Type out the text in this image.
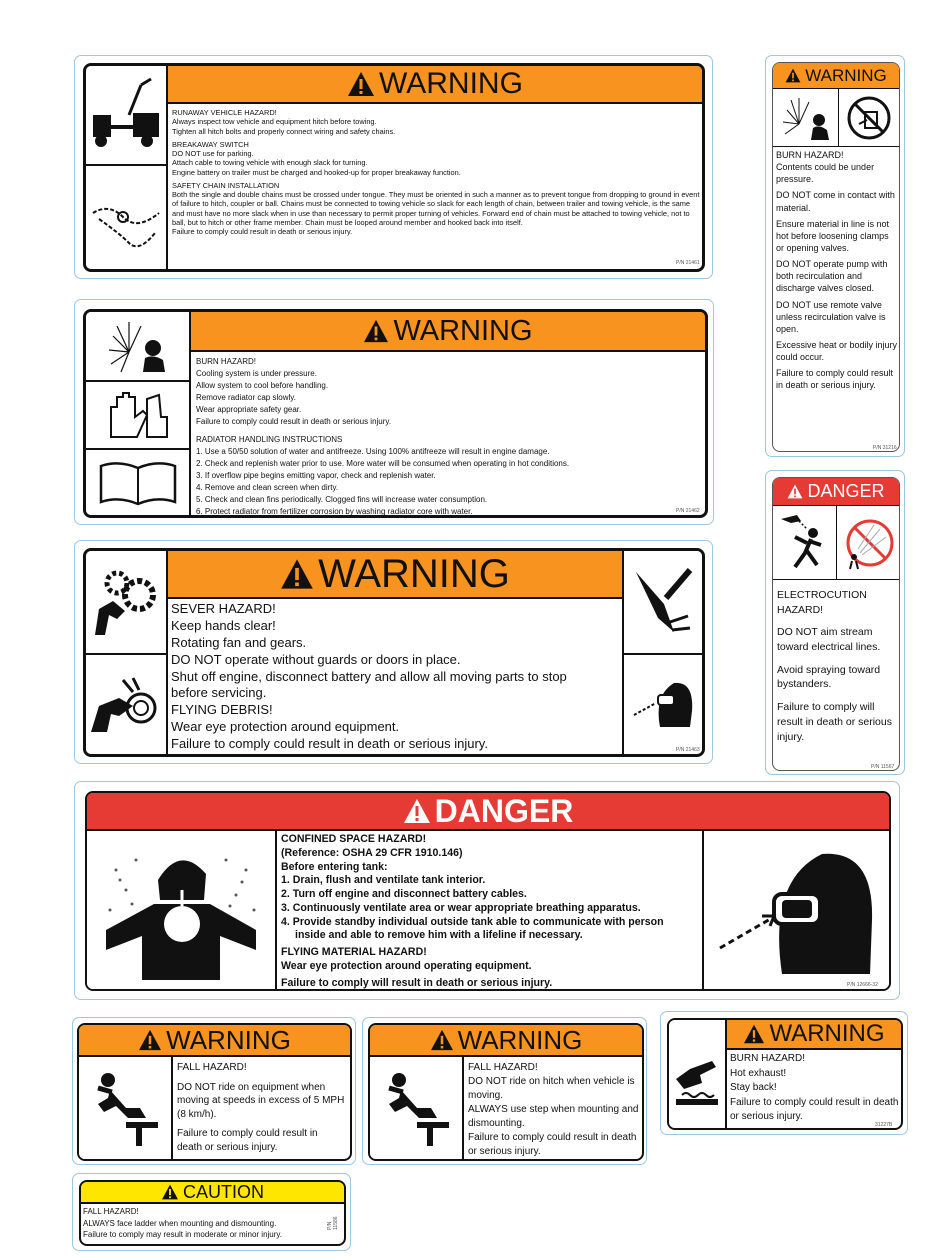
WARNING

RUNAWAY VEHICLE HAZARD!

Always inspect tow vehicle and equipment hitch before towing.

Tighten all hitch bolts and properly connect wiring and safety chains.

BREAKAWAY SWITCH

DO NOT use for parking.

Attach cable to towing vehicle with enough slack for turning.

Engine battery on trailer must be charged and hooked-up for proper breakaway function.

SAFETY CHAIN INSTALLATION

Both the single and double chains must be crossed under tongue. They must be oriented in such a manner as to prevent tongue from dropping to ground in event of failure to hitch, coupler or ball. Chains must be connected to towing vehicle so slack for each length of chain, between trailer and towing vehicle, is the same and must have no more slack when in use than necessary to permit proper turning of vehicles. Forward end of chain must be attached to towing vehicle, not to ball, but to hitch or other frame member. Chain must be looped around member and hooked back into itself.

Failure to comply could result in death or serious injury.

P/N 21461
WARNING

BURN HAZARD!

Cooling system is under pressure.

Allow system to cool before handling.

Remove radiator cap slowly.

Wear appropriate safety gear.

Failure to comply could result in death or serious injury.

RADIATOR HANDLING INSTRUCTIONS

1. Use a 50/50 solution of water and antifreeze. Using 100% antifreeze will result in engine damage.

2. Check and replenish water prior to use. More water will be consumed when operating in hot conditions.

3. If overflow pipe begins emitting vapor, check and replenish water.

4. Remove and clean screen when dirty.

5. Check and clean fins periodically. Clogged fins will increase water consumption.

6. Protect radiator from fertilizer corrosion by washing radiator core with water.	P/N 21462
WARNING

SEVER HAZARD!

Keep hands clear!

Rotating fan and gears.

DO NOT operate without guards or doors in place.

Shut off engine, disconnect battery and allow all moving parts to stop

before servicing.

FLYING DEBRIS!

Wear eye protection around equipment.

Failure to comply could result in death or serious injury.	P/N 21463
DANGER

CONFINED SPACE HAZARD!

(Reference: OSHA 29 CFR 1910.146)

Before entering tank:

1. Drain, flush and ventilate tank interior.

2. Turn off engine and disconnect battery cables.

3. Continuously ventilate area or wear appropriate breathing apparatus.

4. Provide standby individual outside tank able to communicate with person

inside and able to remove him with a lifeline if necessary.

FLYING MATERIAL HAZARD!

Wear eye protection around operating equipment.

Failure to comply will result in death or serious injury.	P/N 12666-32
WARNING

FALL HAZARD!

DO NOT ride on equipment when moving at speeds in excess of 5 MPH (8 km/h).

Failure to comply could result in death or serious injury.

WARNING

FALL HAZARD!

DO NOT ride on hitch when vehicle is moving.

ALWAYS use step when mounting and dismounting.

Failure to comply could result in death or serious injury.

WARNING

BURN HAZARD!

Hot exhaust!

Stay back!

Failure to comply could result in death or serious injury.

31227B
CAUTION

FALL HAZARD!

ALWAYS face ladder when mounting and dismounting.

Failure to comply may result in moderate or minor injury.

P/N 11586
WARNING

BURN HAZARD!
Contents could be under pressure.

DO NOT come in contact with material.

Ensure material in line is not hot before loosening clamps or opening valves.

DO NOT operate pump with both recirculation and discharge valves closed.

DO NOT use remote valve unless recirculation valve is open.

Excessive heat or bodily injury could occur.

Failure to comply could result in death or serious injury.

P/N 31216
DANGER

ELECTROCUTION HAZARD!

DO NOT aim stream toward electrical lines.

Avoid spraying toward bystanders.

Failure to comply will result in death or serious injury.

P/N 11567
